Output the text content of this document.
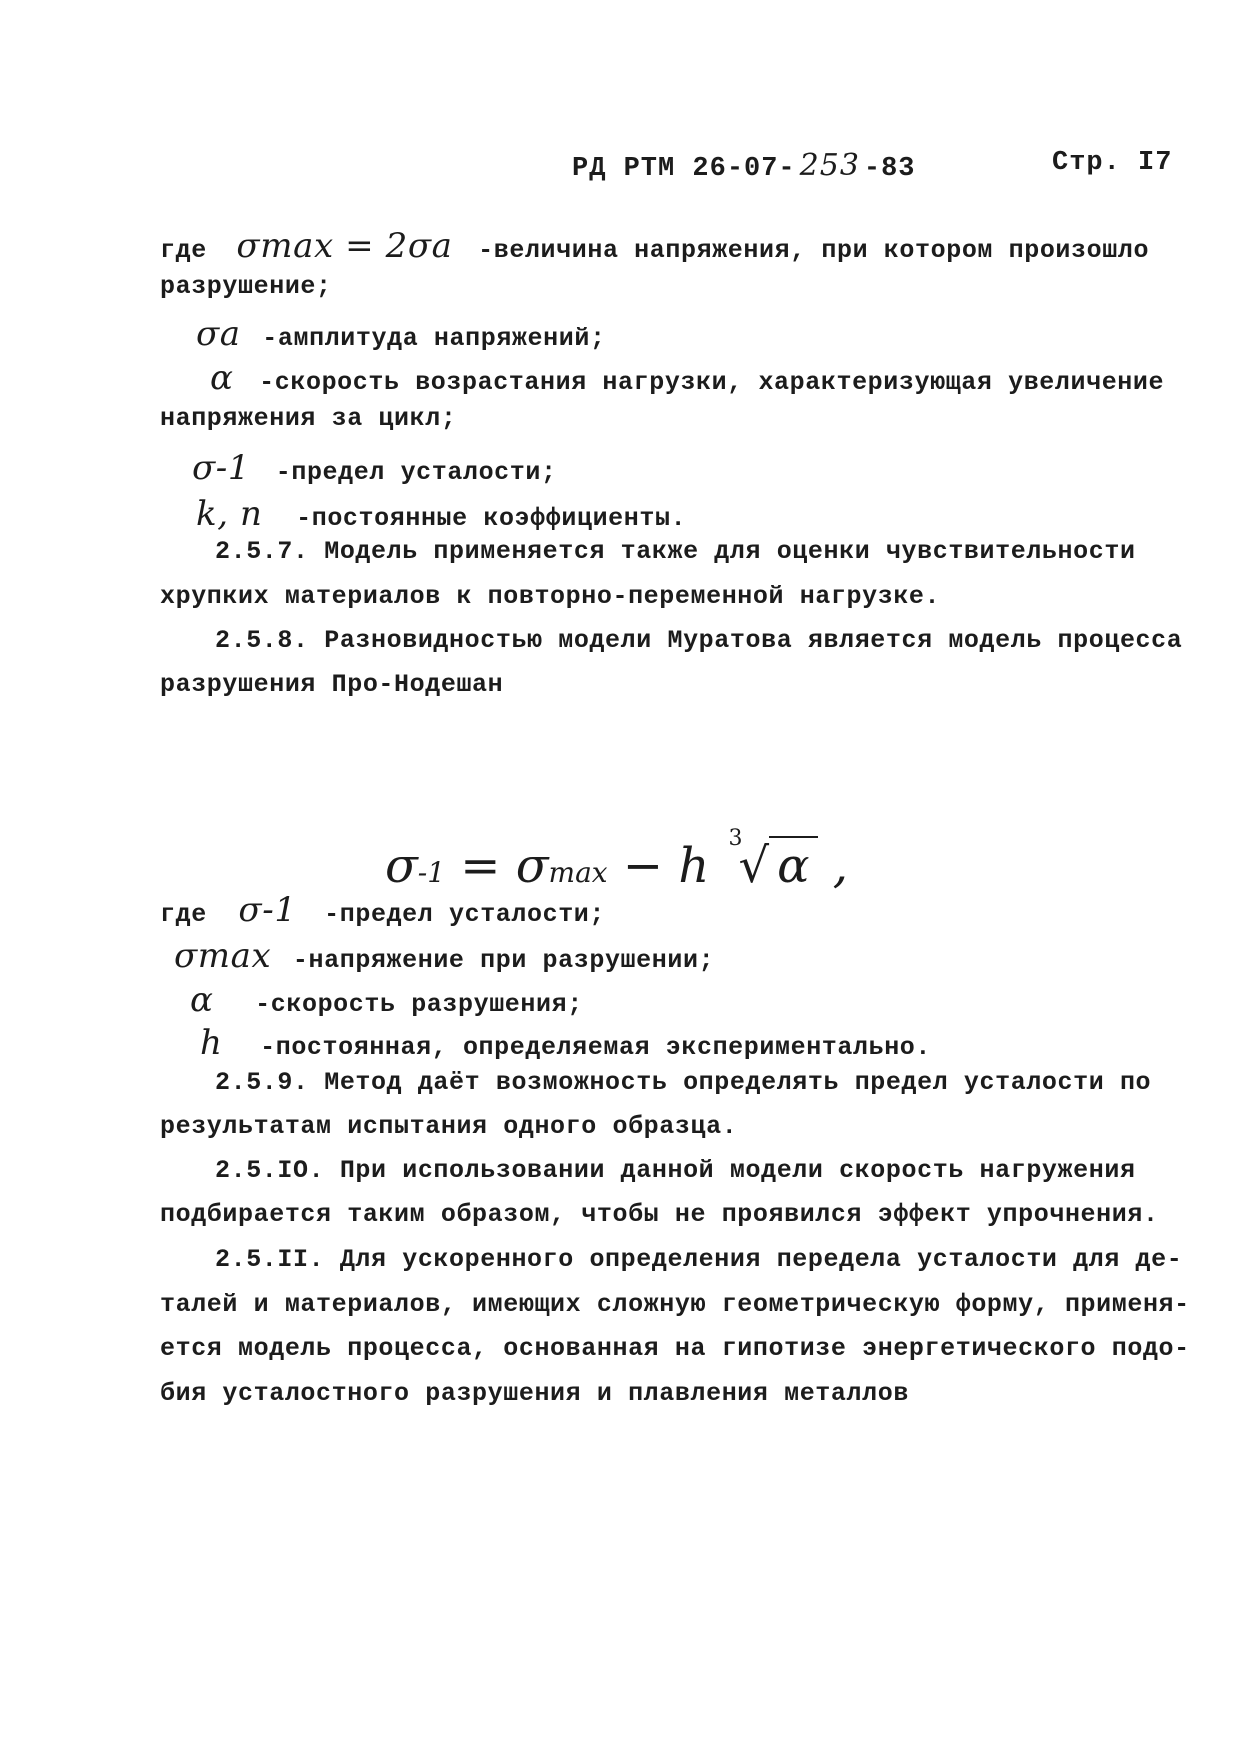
РД РТМ 26-07- 253 -83	Стр. I7
где σmax = 2σa -величина напряжения, при котором произошло
разрушение;
σa -амплитуда напряжений;
α -скорость возрастания нагрузки, характеризующая увеличение
напряжения за цикл;
σ-1 -предел усталости;
k, n -постоянные коэффициенты.
2.5.7. Модель применяется также для оценки чувствительности
хрупких материалов к повторно-переменной нагрузке.
2.5.8. Разновидностью модели Муратова является модель процесса
разрушения Про-Нодешан
σ-1 = σmax − h 3
√ α ,
где σ-1 -предел усталости;
σmax -напряжение при разрушении;
α -скорость разрушения;
h -постоянная, определяемая экспериментально.
2.5.9. Метод даёт возможность определять предел усталости по
результатам испытания одного образца.
2.5.IO. При использовании данной модели скорость нагружения
подбирается таким образом, чтобы не проявился эффект упрочнения.
2.5.II. Для ускоренного определения передела усталости для де-
талей и материалов, имеющих сложную геометрическую форму, применя-
ется модель процесса, основанная на гипотизе энергетического подо-
бия усталостного разрушения и плавления металлов
